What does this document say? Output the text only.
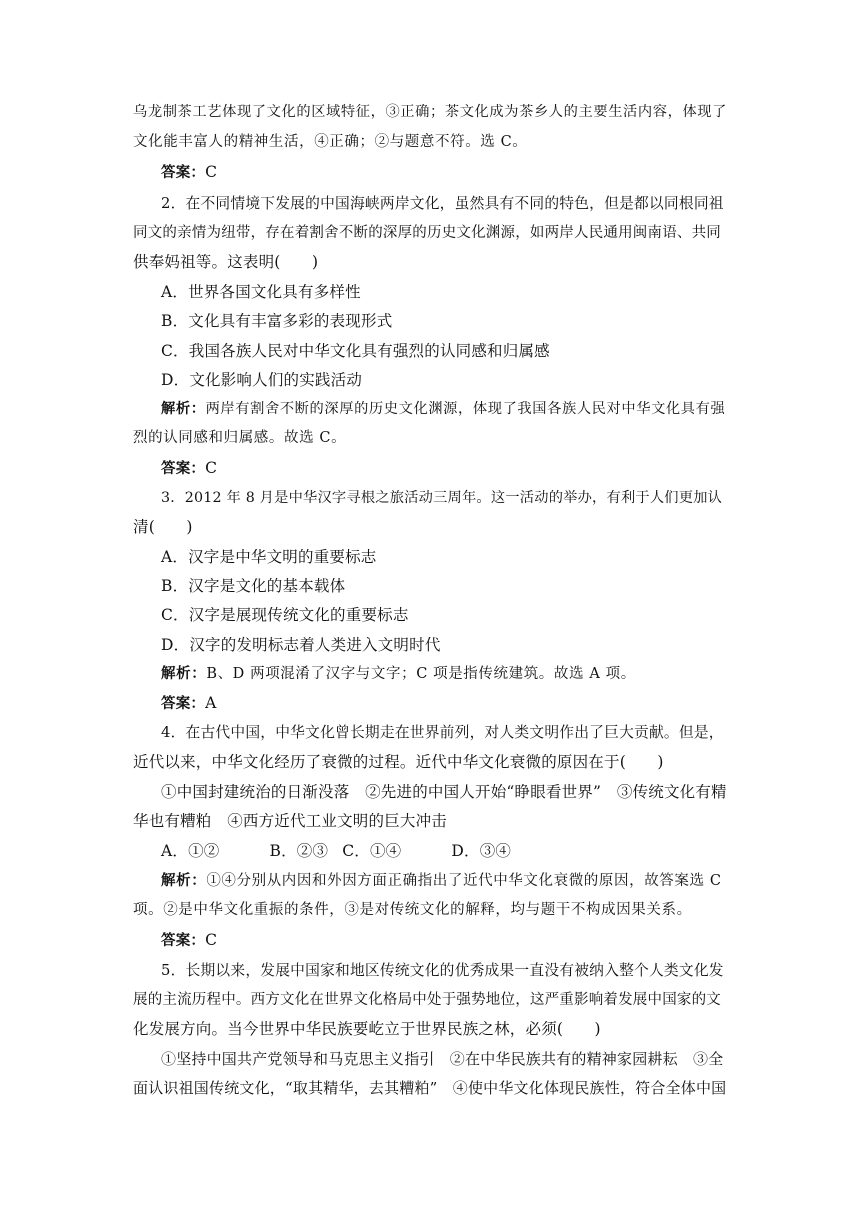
乌龙制茶工艺体现了文化的区域特征，③正确；茶文化成为茶乡人的主要生活内容，体现了
文化能丰富人的精神生活，④正确；②与题意不符。选 C。
答案：C
2．在不同情境下发展的中国海峡两岸文化，虽然具有不同的特色，但是都以同根同祖
同文的亲情为纽带，存在着割舍不断的深厚的历史文化渊源，如两岸人民通用闽南语、共同
供奉妈祖等。这表明(　　)
A．世界各国文化具有多样性
B．文化具有丰富多彩的表现形式
C．我国各族人民对中华文化具有强烈的认同感和归属感
D．文化影响人们的实践活动
解析：两岸有割舍不断的深厚的历史文化渊源，体现了我国各族人民对中华文化具有强
烈的认同感和归属感。故选 C。
答案：C
3．2012 年 8 月是中华汉字寻根之旅活动三周年。这一活动的举办，有利于人们更加认
清(　　)
A．汉字是中华文明的重要标志
B．汉字是文化的基本载体
C．汉字是展现传统文化的重要标志
D．汉字的发明标志着人类进入文明时代
解析：B、D 两项混淆了汉字与文字；C 项是指传统建筑。故选 A 项。
答案：A
4．在古代中国，中华文化曾长期走在世界前列，对人类文明作出了巨大贡献。但是，
近代以来，中华文化经历了衰微的过程。近代中华文化衰微的原因在于(　　)
①中国封建统治的日渐没落　②先进的中国人开始“睁眼看世界”　③传统文化有精
华也有糟粕　④西方近代工业文明的巨大冲击
A．①②	B．②③ C．①④	D．③④
解析：①④分别从内因和外因方面正确指出了近代中华文化衰微的原因，故答案选 C
项。②是中华文化重振的条件，③是对传统文化的解释，均与题干不构成因果关系。
答案：C
5．长期以来，发展中国家和地区传统文化的优秀成果一直没有被纳入整个人类文化发
展的主流历程中。西方文化在世界文化格局中处于强势地位，这严重影响着发展中国家的文
化发展方向。当今世界中华民族要屹立于世界民族之林，必须(　　)
①坚持中国共产党领导和马克思主义指引　②在中华民族共有的精神家园耕耘　③全
面认识祖国传统文化，“取其精华，去其糟粕”　④使中华文化体现民族性，符合全体中国
